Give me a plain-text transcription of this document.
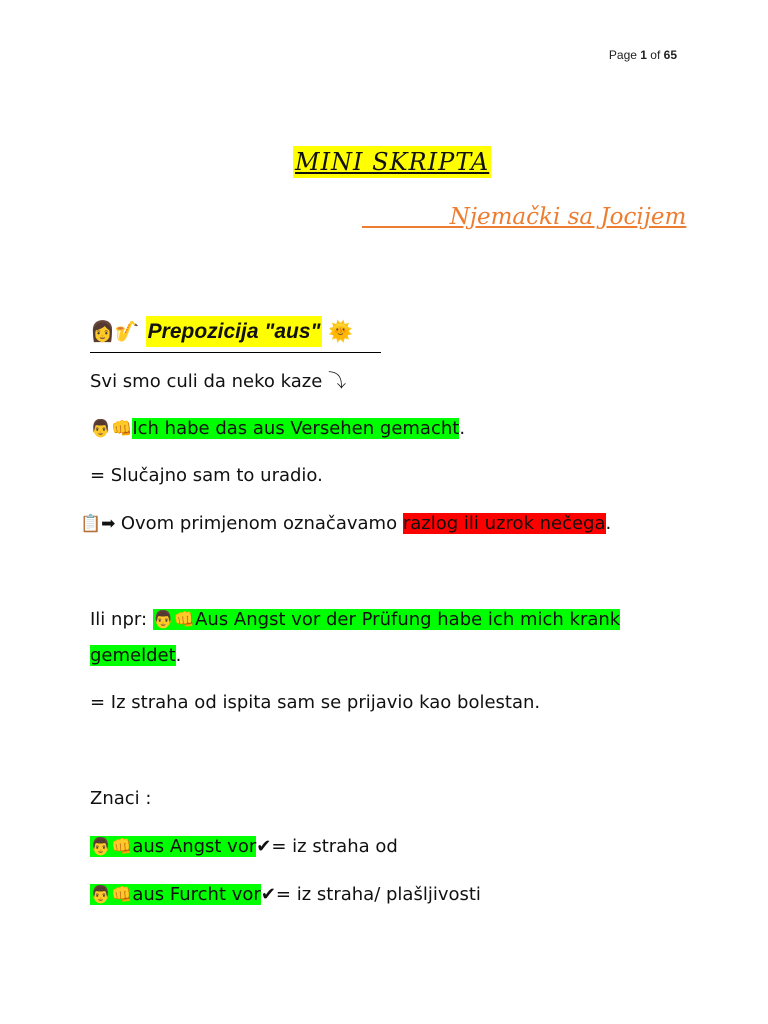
Page 1 of 65
MINI SKRIPTA
Njemački sa Jocijem
👩🎷 Prepozicija "aus" 🌞
Svi smo culi da neko kaze ⤵
👨👊Ich habe das aus Versehen gemacht.
= Slučajno sam to uradio.
📋➡ Ovom primjenom označavamo razlog ili uzrok nečega.
Ili npr: 👨👊Aus Angst vor der Prüfung habe ich mich krank
gemeldet.
= Iz straha od ispita sam se prijavio kao bolestan.
Znaci :
👨👊aus Angst vor✔= iz straha od
👨👊aus Furcht vor✔= iz straha/ plašljivosti
